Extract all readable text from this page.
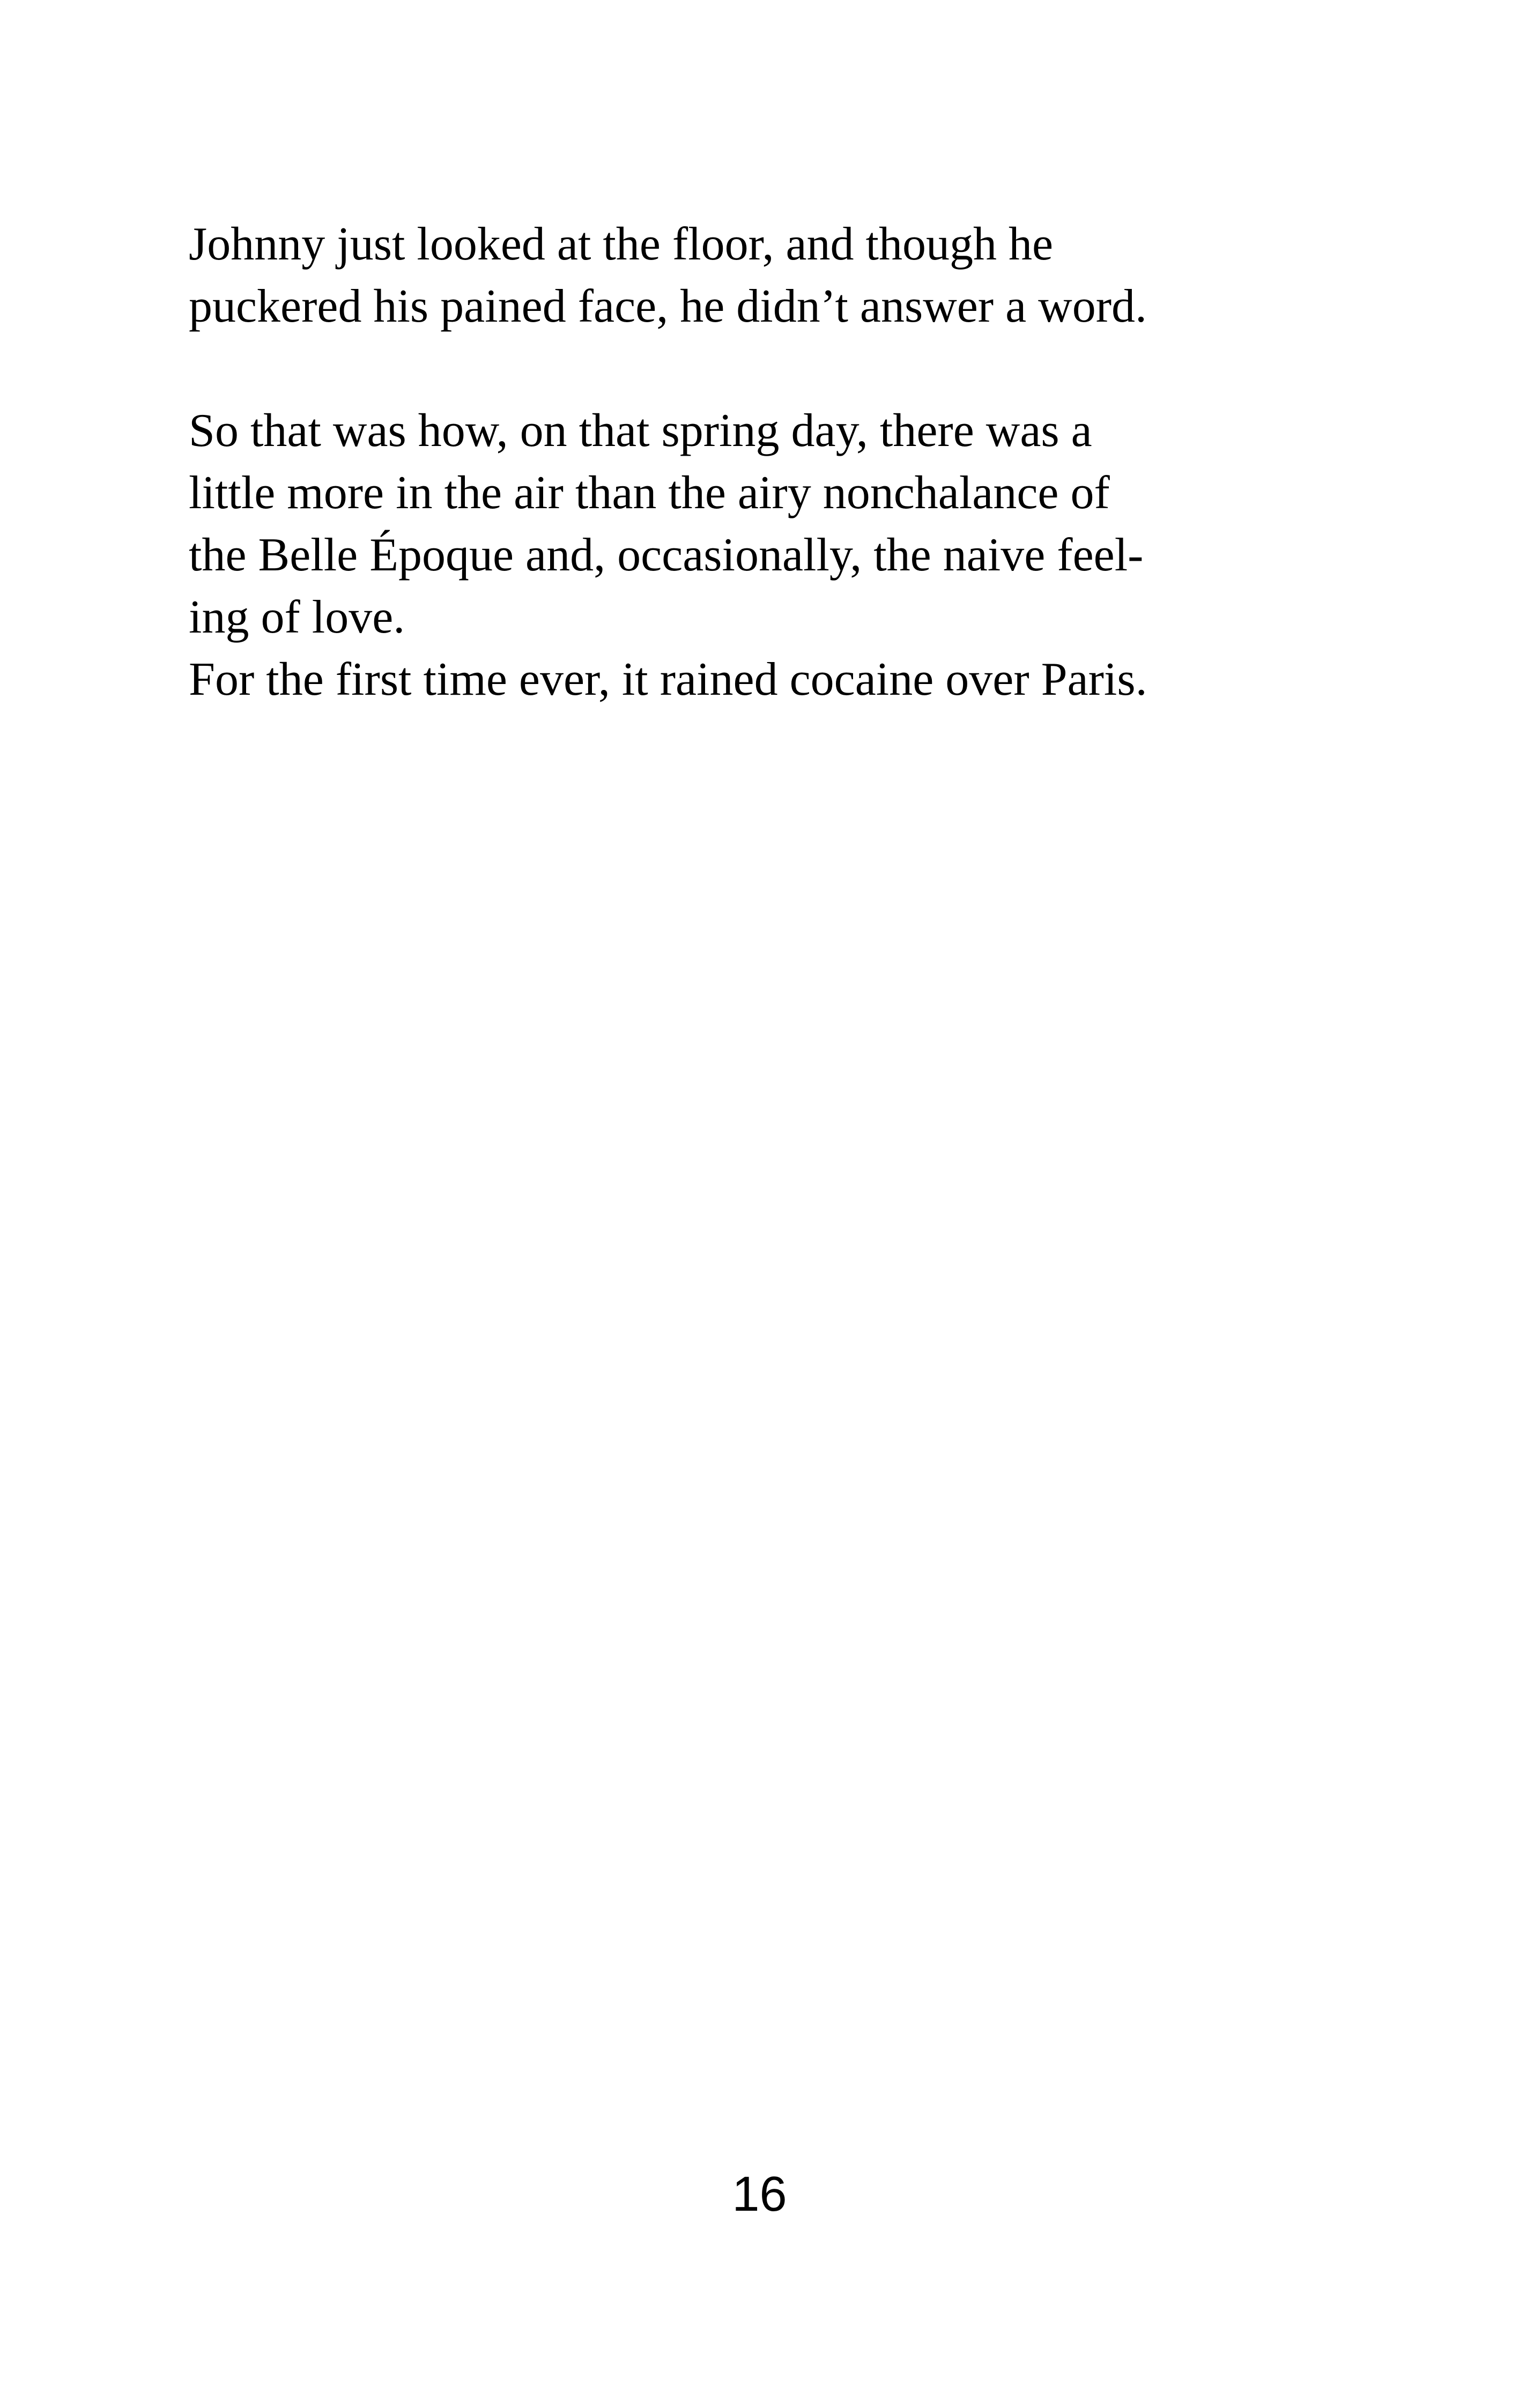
Johnny just looked at the floor, and though he
puckered his pained face, he didn’t answer a word.
So that was how, on that spring day, there was a
little more in the air than the airy nonchalance of
the Belle Époque and, occasionally, the naive feel-
ing of love.
For the first time ever, it rained cocaine over Paris.
16
